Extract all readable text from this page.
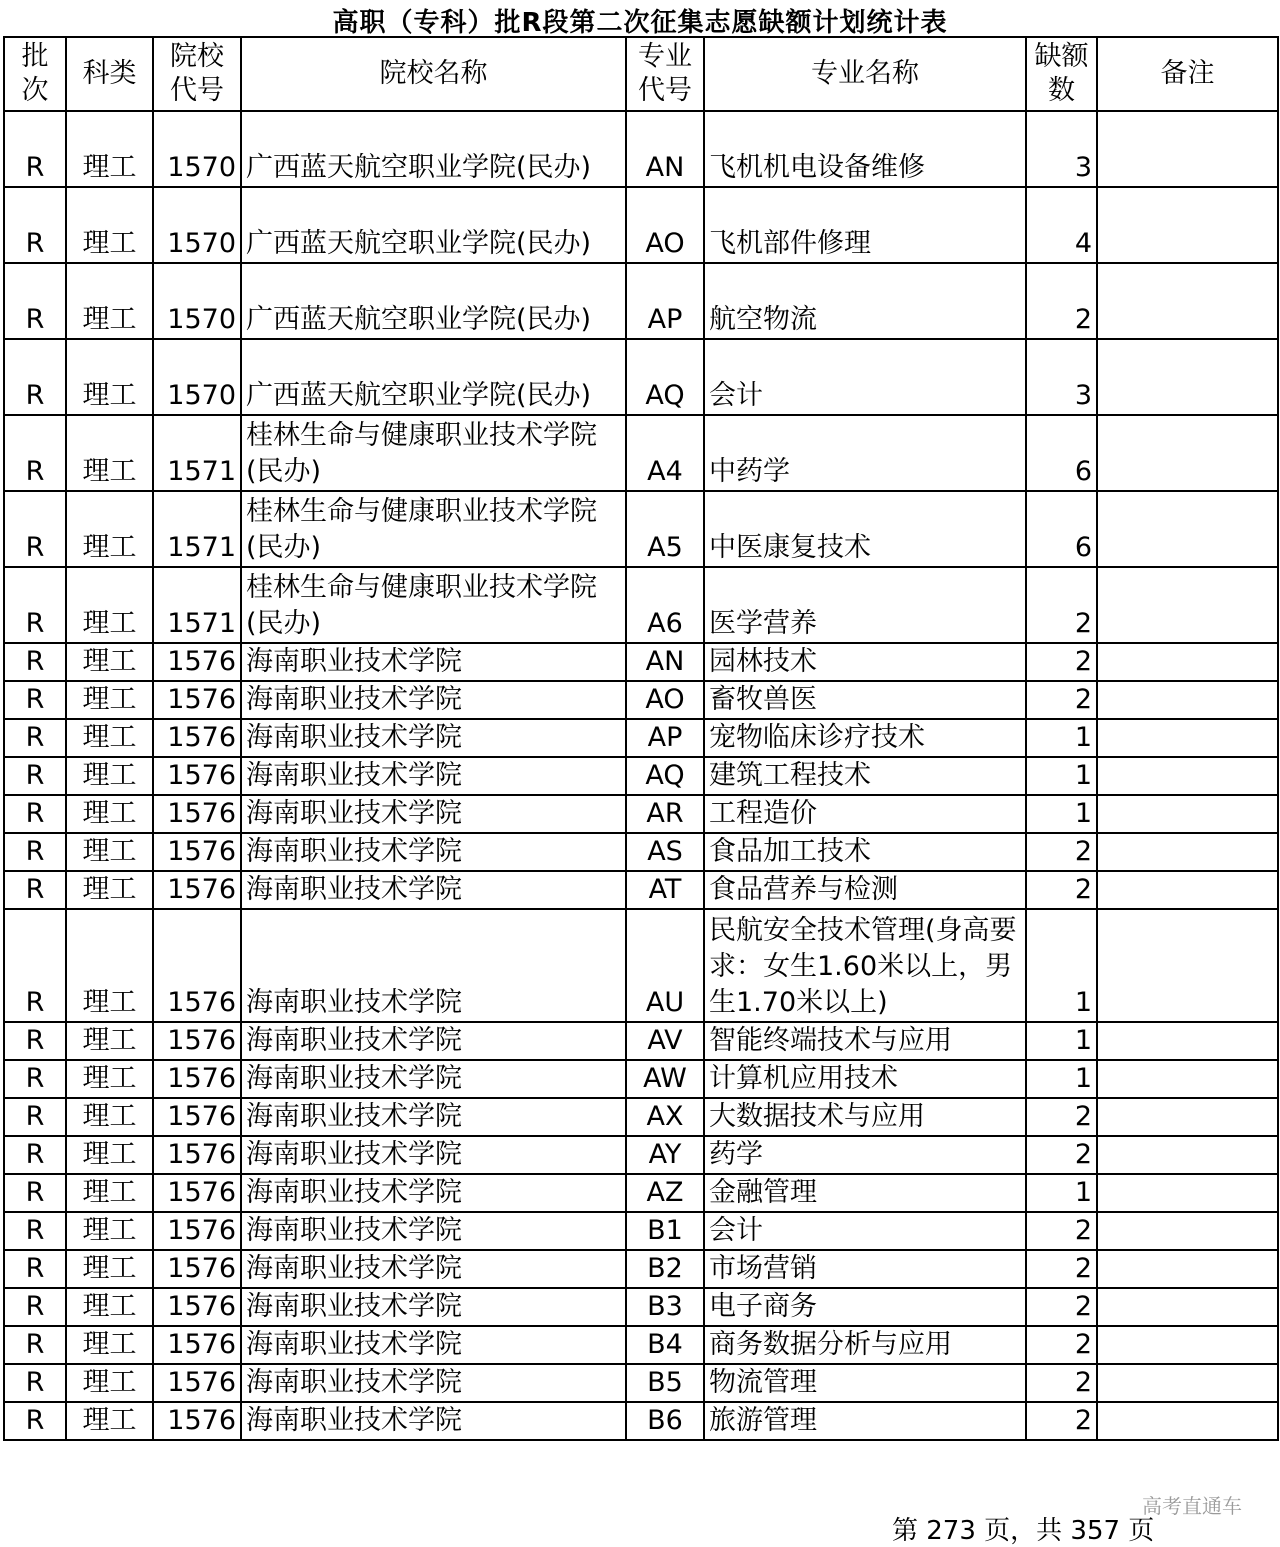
高职（专科）批R段第二次征集志愿缺额计划统计表
批次	科类	院校代号	院校名称	专业代号	专业名称	缺额数	备注
R	理工	1570	广西蓝天航空职业学院(民办)	AN	飞机机电设备维修	3	
R	理工	1570	广西蓝天航空职业学院(民办)	AO	飞机部件修理	4	
R	理工	1570	广西蓝天航空职业学院(民办)	AP	航空物流	2	
R	理工	1570	广西蓝天航空职业学院(民办)	AQ	会计	3	
R	理工	1571	桂林生命与健康职业技术学院(民办)	A4	中药学	6	
R	理工	1571	桂林生命与健康职业技术学院(民办)	A5	中医康复技术	6	
R	理工	1571	桂林生命与健康职业技术学院(民办)	A6	医学营养	2	
R	理工	1576	海南职业技术学院	AN	园林技术	2	
R	理工	1576	海南职业技术学院	AO	畜牧兽医	2	
R	理工	1576	海南职业技术学院	AP	宠物临床诊疗技术	1	
R	理工	1576	海南职业技术学院	AQ	建筑工程技术	1	
R	理工	1576	海南职业技术学院	AR	工程造价	1	
R	理工	1576	海南职业技术学院	AS	食品加工技术	2	
R	理工	1576	海南职业技术学院	AT	食品营养与检测	2	
R	理工	1576	海南职业技术学院	AU	民航安全技术管理(身高要求：女生1.60米以上，男生1.70米以上)	1	
R	理工	1576	海南职业技术学院	AV	智能终端技术与应用	1	
R	理工	1576	海南职业技术学院	AW	计算机应用技术	1	
R	理工	1576	海南职业技术学院	AX	大数据技术与应用	2	
R	理工	1576	海南职业技术学院	AY	药学	2	
R	理工	1576	海南职业技术学院	AZ	金融管理	1	
R	理工	1576	海南职业技术学院	B1	会计	2	
R	理工	1576	海南职业技术学院	B2	市场营销	2	
R	理工	1576	海南职业技术学院	B3	电子商务	2	
R	理工	1576	海南职业技术学院	B4	商务数据分析与应用	2	
R	理工	1576	海南职业技术学院	B5	物流管理	2	
R	理工	1576	海南职业技术学院	B6	旅游管理	2	
高考直通车
第 273 页，共 357 页
